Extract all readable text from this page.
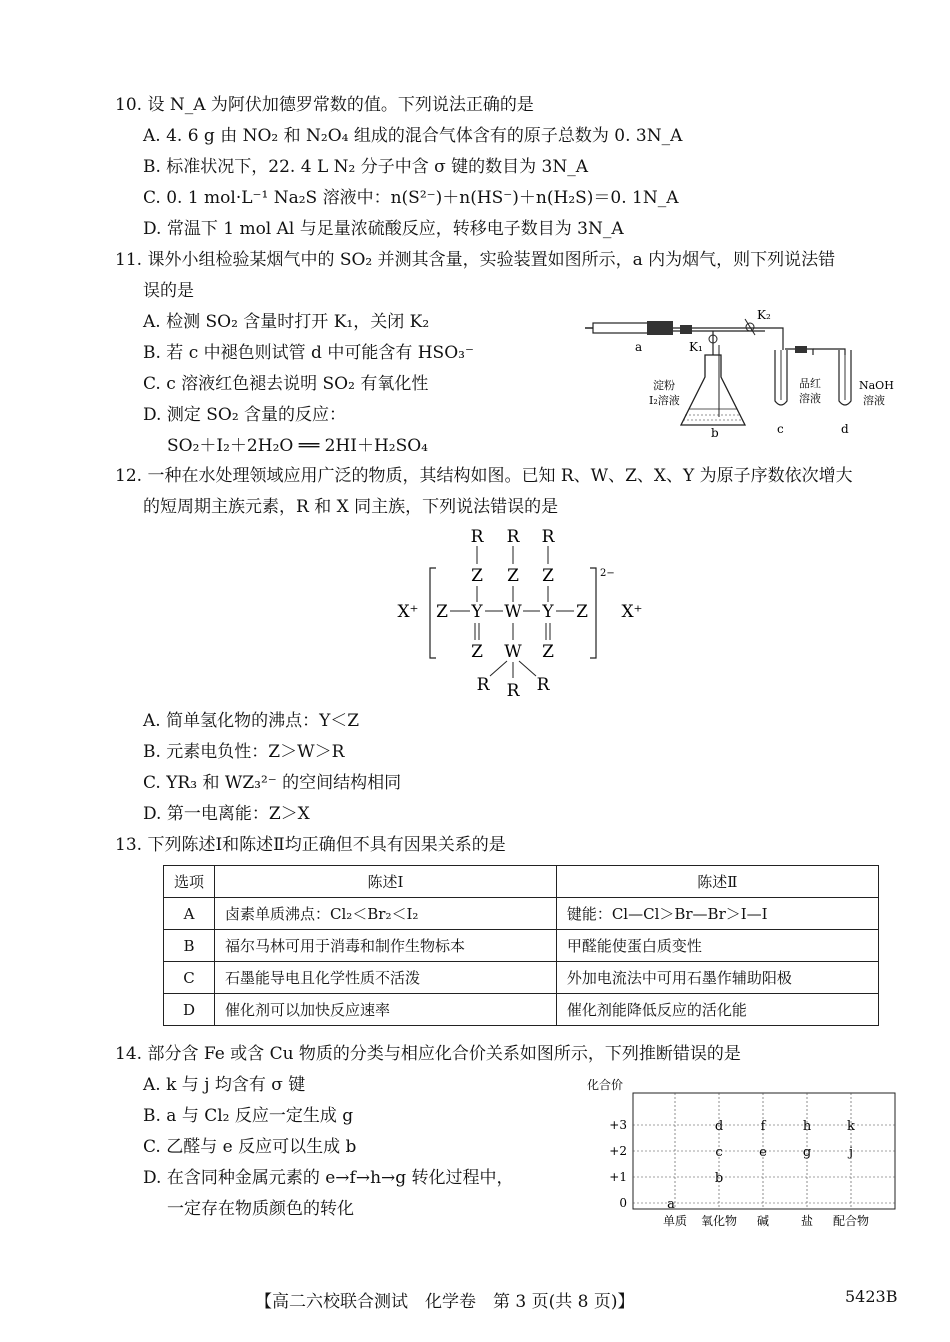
10. 设 N_A 为阿伏加德罗常数的值。下列说法正确的是
A. 4. 6 g 由 NO₂ 和 N₂O₄ 组成的混合气体含有的原子总数为 0. 3N_A
B. 标准状况下，22. 4 L N₂ 分子中含 σ 键的数目为 3N_A
C. 0. 1 mol·L⁻¹ Na₂S 溶液中：n(S²⁻)＋n(HS⁻)＋n(H₂S)＝0. 1N_A
D. 常温下 1 mol Al 与足量浓硫酸反应，转移电子数目为 3N_A
11. 课外小组检验某烟气中的 SO₂ 并测其含量，实验装置如图所示，a 内为烟气，则下列说法错
误的是
A. 检测 SO₂ 含量时打开 K₁，关闭 K₂
B. 若 c 中褪色则试管 d 中可能含有 HSO₃⁻
C. c 溶液红色褪去说明 SO₂ 有氧化性
D. 测定 SO₂ 含量的反应：
SO₂＋I₂＋2H₂O ══ 2HI＋H₂SO₄
a	K₁
淀粉
I₂溶液
b
K₂
品红
溶液
c
NaOH
溶液
d
12. 一种在水处理领域应用广泛的物质，其结构如图。已知 R、W、Z、X、Y 为原子序数依次增大
的短周期主族元素，R 和 X 同主族，下列说法错误的是
R R R
Z Z Z
X⁺ Z Y W Y Z X⁺
Z W Z
R R R
2−
A. 简单氢化物的沸点：Y＜Z
B. 元素电负性：Z＞W＞R
C. YR₃ 和 WZ₃²⁻ 的空间结构相同
D. 第一电离能：Z＞X
13. 下列陈述Ⅰ和陈述Ⅱ均正确但不具有因果关系的是
选项	陈述Ⅰ	陈述Ⅱ
A	卤素单质沸点：Cl₂＜Br₂＜I₂	键能：Cl—Cl＞Br—Br＞I—I
B	福尔马林可用于消毒和制作生物标本	甲醛能使蛋白质变性
C	石墨能导电且化学性质不活泼	外加电流法中可用石墨作辅助阳极
D	催化剂可以加快反应速率	催化剂能降低反应的活化能
14. 部分含 Fe 或含 Cu 物质的分类与相应化合价关系如图所示，下列推断错误的是
A. k 与 j 均含有 σ 键
B. a 与 Cl₂ 反应一定生成 g
C. 乙醛与 e 反应可以生成 b
D. 在含同种金属元素的 e→f→h→g 转化过程中，
一定存在物质颜色的转化
化合价
+3
+2
+1
0
单质 氧化物 碱	盐 配合物
a
b
c
d
e
f
g
h
j
k
【高二六校联合测试　化学卷　第 3 页(共 8 页)】	5423B
